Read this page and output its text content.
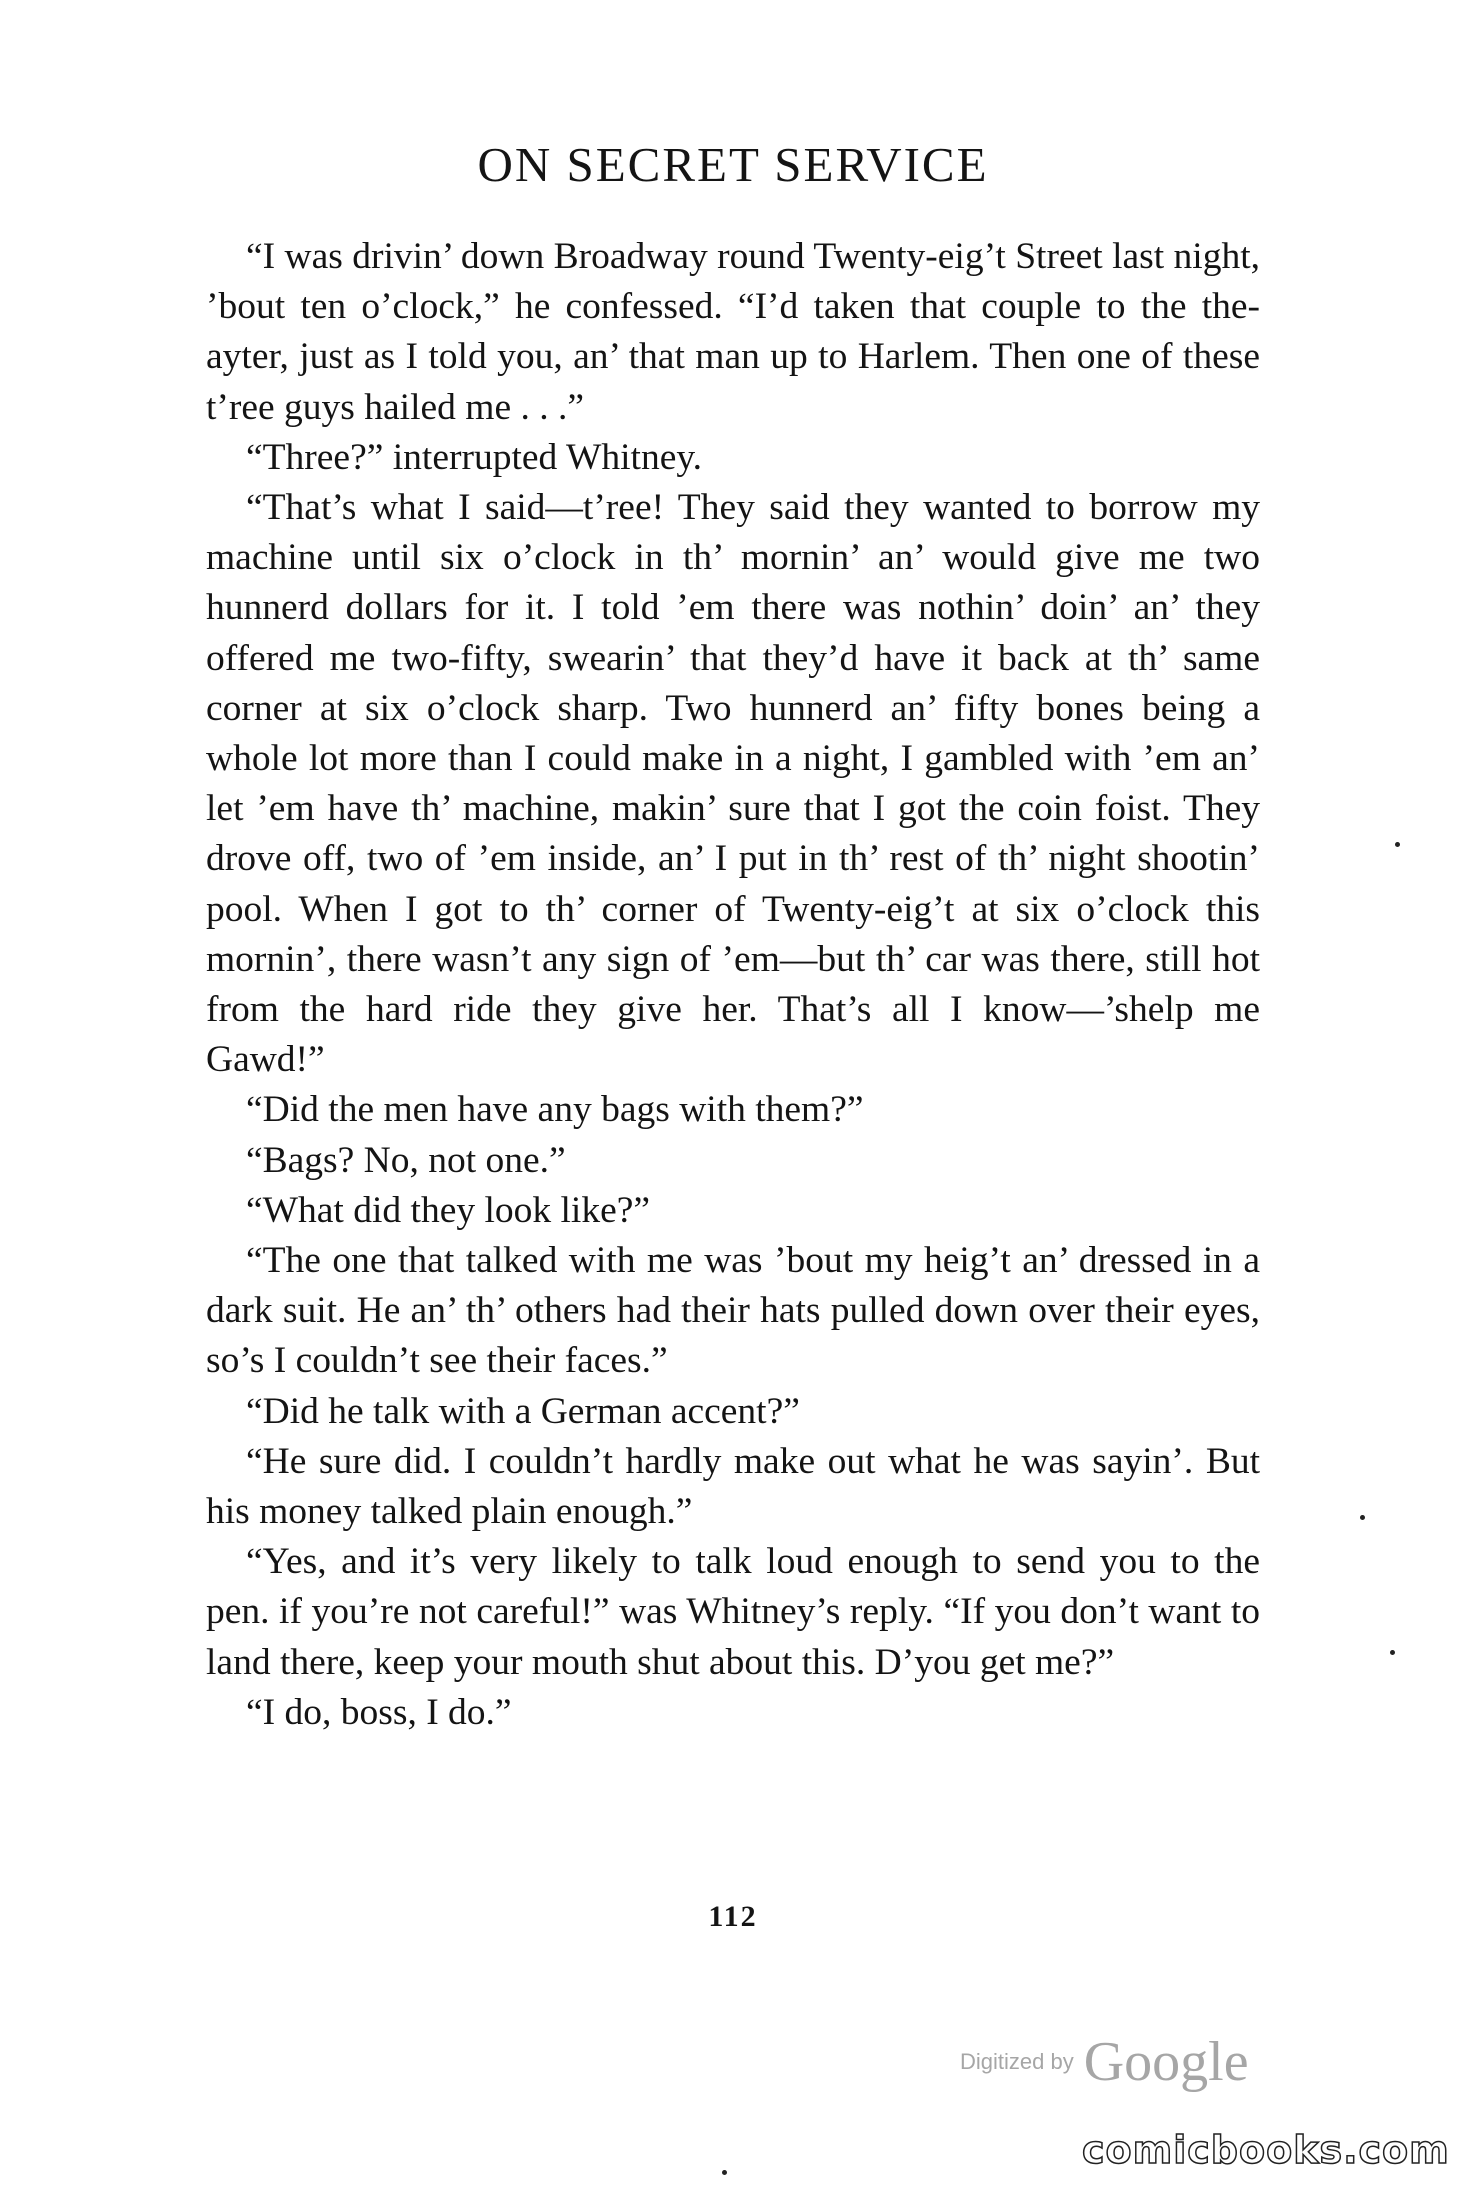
ON SECRET SERVICE

“I was drivin’ down Broadway round Twenty-eig’t Street last night, ’bout ten o’clock,” he confessed. “I’d taken that couple to the the-ayter, just as I told you, an’ that man up to Harlem. Then one of these t’ree guys hailed me . . .”

“Three?” interrupted Whitney.

“That’s what I said—t’ree! They said they wanted to borrow my machine until six o’clock in th’ mornin’ an’ would give me two hunnerd dollars for it. I told ’em there was nothin’ doin’ an’ they offered me two-fifty, swearin’ that they’d have it back at th’ same corner at six o’clock sharp. Two hunnerd an’ fifty bones being a whole lot more than I could make in a night, I gambled with ’em an’ let ’em have th’ machine, makin’ sure that I got the coin foist. They drove off, two of ’em inside, an’ I put in th’ rest of th’ night shootin’ pool. When I got to th’ corner of Twenty-eig’t at six o’clock this mornin’, there wasn’t any sign of ’em—but th’ car was there, still hot from the hard ride they give her. That’s all I know—’shelp me Gawd!”

“Did the men have any bags with them?”

“Bags? No, not one.”

“What did they look like?”

“The one that talked with me was ’bout my heig’t an’ dressed in a dark suit. He an’ th’ others had their hats pulled down over their eyes, so’s I couldn’t see their faces.”

“Did he talk with a German accent?”

“He sure did. I couldn’t hardly make out what he was sayin’. But his money talked plain enough.”

“Yes, and it’s very likely to talk loud enough to send you to the pen. if you’re not careful!” was Whitney’s reply. “If you don’t want to land there, keep your mouth shut about this. D’you get me?”

“I do, boss, I do.”

112
Digitized by Google
comicbooks.com
